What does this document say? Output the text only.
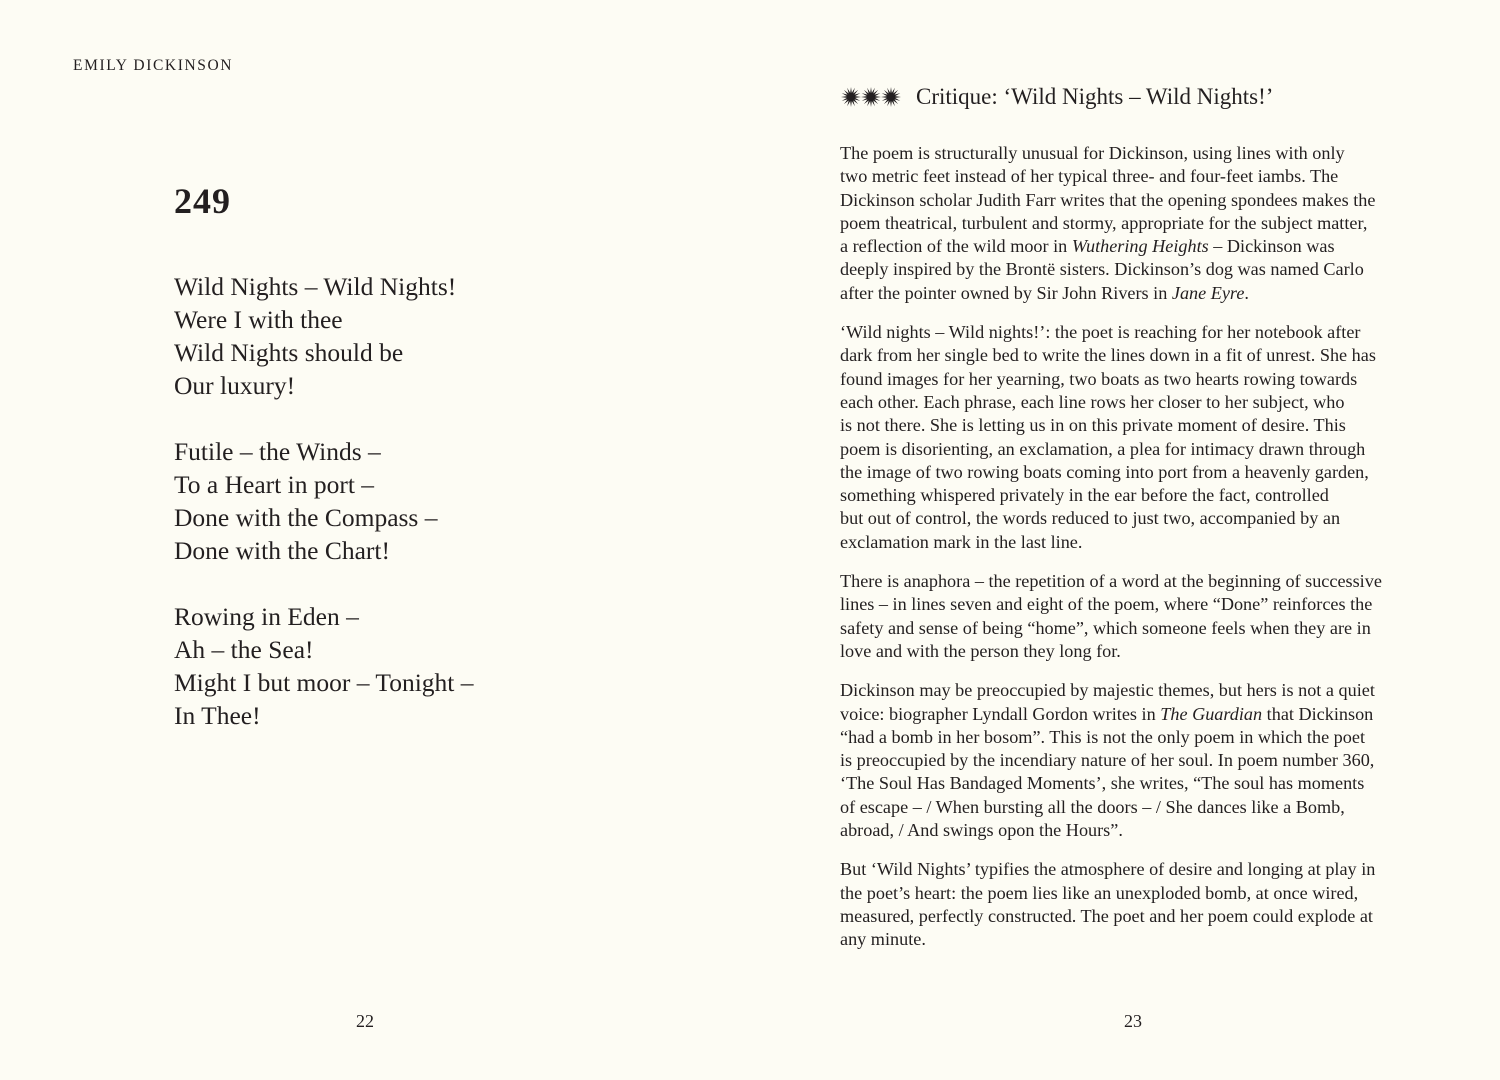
EMILY DICKINSON
249
Wild Nights – Wild Nights!
Were I with thee
Wild Nights should be
Our luxury!
Futile – the Winds –
To a Heart in port –
Done with the Compass –
Done with the Chart!
Rowing in Eden –
Ah – the Sea!
Might I but moor – Tonight –
In Thee!
22
Critique: ‘Wild Nights – Wild Nights!’

The poem is structurally unusual for Dickinson, using lines with only
two metric feet instead of her typical three- and four-feet iambs. The
Dickinson scholar Judith Farr writes that the opening spondees makes the
poem theatrical, turbulent and stormy, appropriate for the subject matter,
a reflection of the wild moor in Wuthering Heights – Dickinson was
deeply inspired by the Brontë sisters. Dickinson’s dog was named Carlo
after the pointer owned by Sir John Rivers in Jane Eyre.

‘Wild nights – Wild nights!’: the poet is reaching for her notebook after
dark from her single bed to write the lines down in a fit of unrest. She has
found images for her yearning, two boats as two hearts rowing towards
each other. Each phrase, each line rows her closer to her subject, who
is not there. She is letting us in on this private moment of desire. This
poem is disorienting, an exclamation, a plea for intimacy drawn through
the image of two rowing boats coming into port from a heavenly garden,
something whispered privately in the ear before the fact, controlled
but out of control, the words reduced to just two, accompanied by an
exclamation mark in the last line.

There is anaphora – the repetition of a word at the beginning of successive
lines – in lines seven and eight of the poem, where “Done” reinforces the
safety and sense of being “home”, which someone feels when they are in
love and with the person they long for.

Dickinson may be preoccupied by majestic themes, but hers is not a quiet
voice: biographer Lyndall Gordon writes in The Guardian that Dickinson
“had a bomb in her bosom”. This is not the only poem in which the poet
is preoccupied by the incendiary nature of her soul. In poem number 360,
‘The Soul Has Bandaged Moments’, she writes, “The soul has moments
of escape – / When bursting all the doors – / She dances like a Bomb,
abroad, / And swings opon the Hours”.

But ‘Wild Nights’ typifies the atmosphere of desire and longing at play in
the poet’s heart: the poem lies like an unexploded bomb, at once wired,
measured, perfectly constructed. The poet and her poem could explode at
any minute.

23
